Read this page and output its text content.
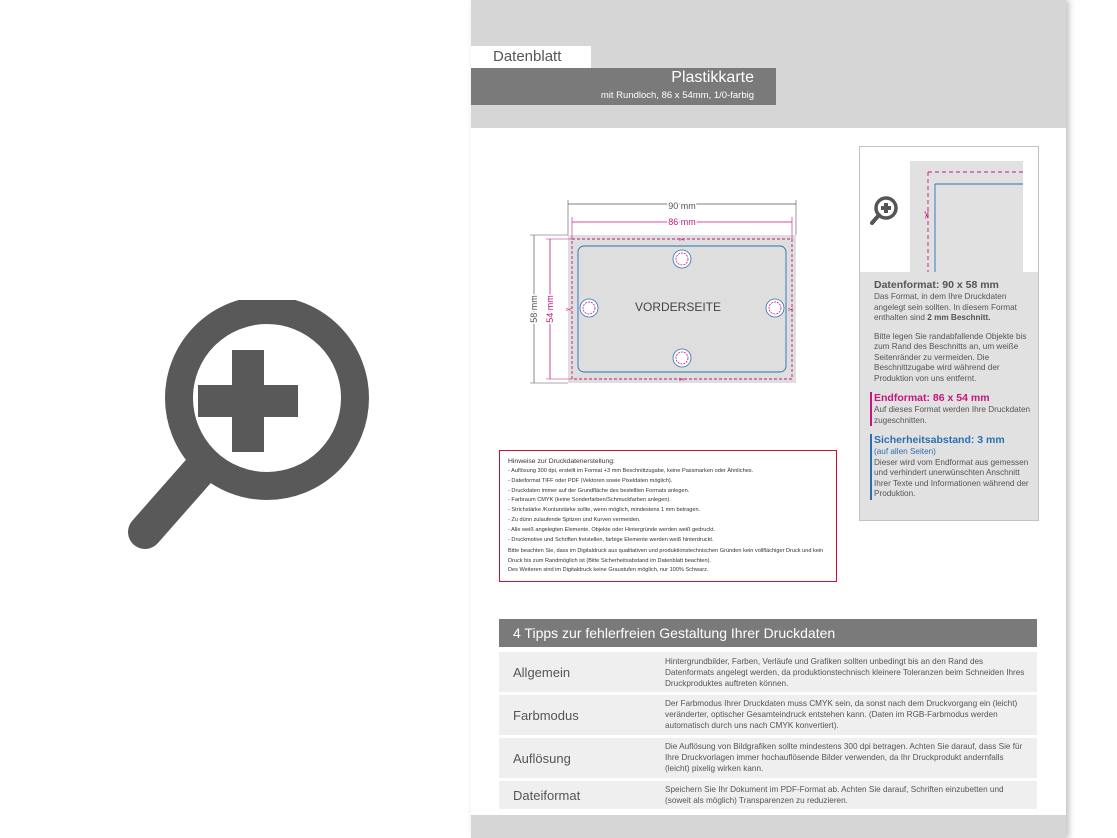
Datenblatt
Plastikkarte
mit Rundloch, 86 x 54mm, 1/0-farbig
90 mm
86 mm
58 mm 54 mm
✂
✂
✂	✂
VORDERSEITE
✂
Datenformat: 90 x 58 mm
Das Format, in dem Ihre Druckdaten angelegt sein sollten. In diesem Format enthalten sind 2 mm Beschnitt.
Bitte legen Sie randabfallende Objekte bis zum Rand des Beschnitts an, um weiße Seitenränder zu vermeiden. Die Beschnittzugabe wird während der Produktion von uns entfernt.
Endformat: 86 x 54 mm
Auf dieses Format werden Ihre Druckdaten zugeschnitten.
Sicherheitsabstand: 3 mm
(auf allen Seiten)
Dieser wird vom Endformat aus gemessen und verhindert unerwünschten Anschnitt Ihrer Texte und Informationen während der Produktion.
Hinweise zur Druckdatenerstellung:
- Auflösung 300 dpi, erstellt im Format +3 mm Beschnittzugabe, keine Passmarken oder Ähnliches.
- Dateiformat TIFF oder PDF (Vektoren sowie Pixeldaten möglich).
- Druckdaten immer auf der Grundfläche des bestellten Formats anlegen.
- Farbraum CMYK (keine Sonderfarben/Schmuckfarben anlegen).
- Strichstärke /Konturstärke sollte, wenn möglich, mindestens 1 mm betragen.
- Zu dünn zulaufende Spitzen und Kurven vermeiden.
- Alle weiß angelegten Elemente, Objekte oder Hintergründe werden weiß gedruckt.
- Druckmotive und Schriften freistellen, farbige Elemente werden weiß hinterdruckt.
Bitte beachten Sie, dass im Digitaldruck aus qualitativen und produktionstechnischen Gründen kein vollflächiger Druck und kein Druck bis zum Randmöglich ist (Bitte Sicherheitsabstand im Datenblatt beachten).
Des Weiteren sind im Digitaldruck keine Graustufen möglich, nur 100% Schwarz.
4 Tipps zur fehlerfreien Gestaltung Ihrer Druckdaten
Allgemein
Hintergrundbilder, Farben, Verläufe und Grafiken sollten unbedingt bis an den Rand des Datenformats angelegt werden, da produktionstechnisch kleinere Toleranzen beim Schneiden Ihres Druckproduktes auftreten können.
Farbmodus
Der Farbmodus Ihrer Druckdaten muss CMYK sein, da sonst nach dem Druckvorgang ein (leicht) veränderter, optischer Gesamteindruck entstehen kann. (Daten im RGB-Farbmodus werden automatisch durch uns nach CMYK konvertiert).
Auflösung
Die Auflösung von Bildgrafiken sollte mindestens 300 dpi betragen. Achten Sie darauf, dass Sie für Ihre Druckvorlagen immer hochauflösende Bilder verwenden, da Ihr Druckprodukt andernfalls (leicht) pixelig wirken kann.
Dateiformat	Speichern Sie Ihr Dokument im PDF-Format ab. Achten Sie darauf, Schriften einzubetten und (soweit als möglich) Transparenzen zu reduzieren.
